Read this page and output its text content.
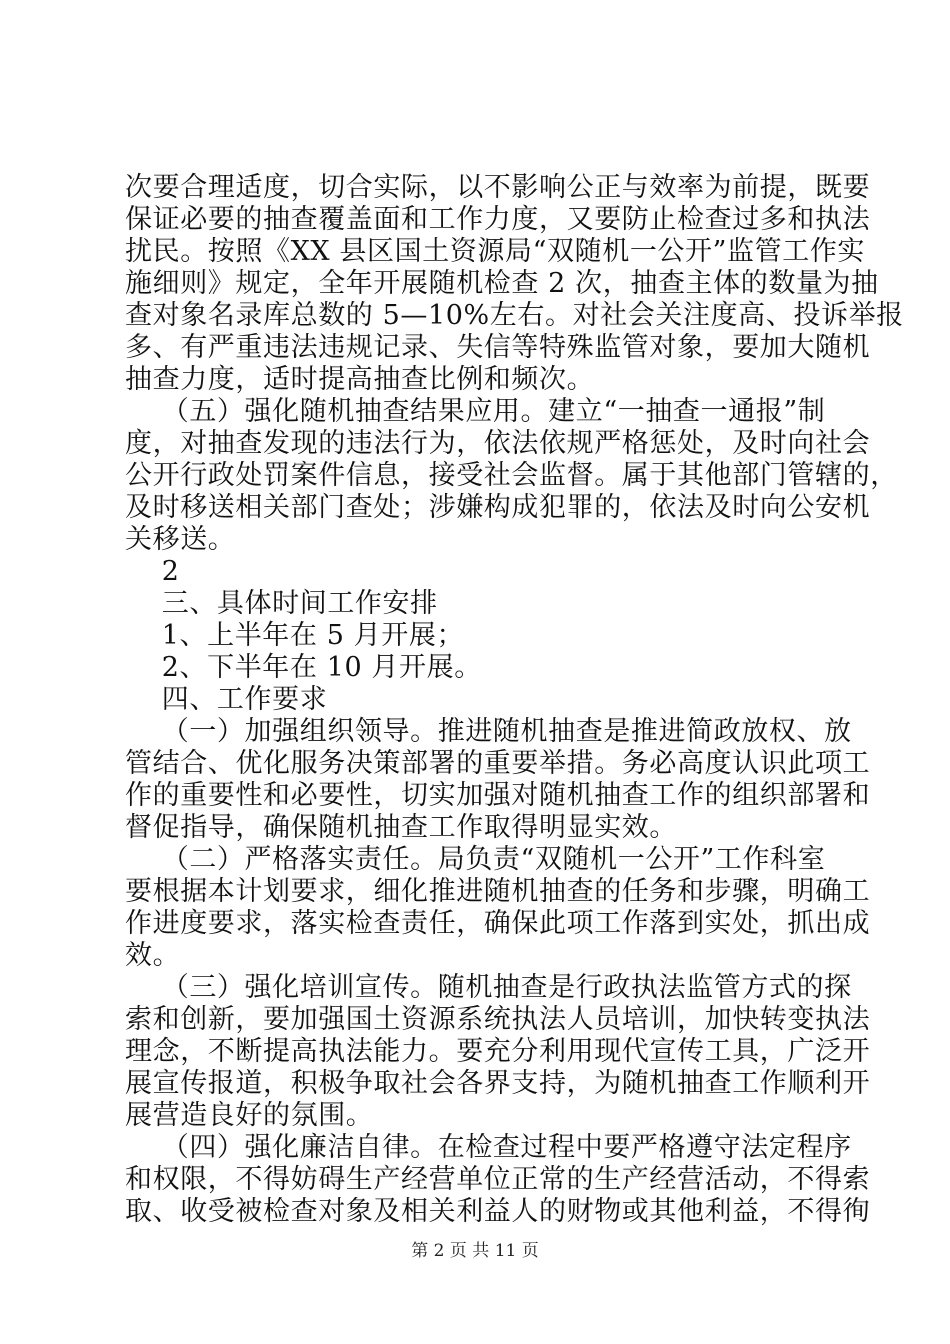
次要合理适度，切合实际，以不影响公正与效率为前提，既要
保证必要的抽查覆盖面和工作力度，又要防止检查过多和执法
扰民。按照《XX 县区国土资源局“双随机一公开”监管工作实
施细则》规定，全年开展随机检查 2 次，抽查主体的数量为抽
查对象名录库总数的 5—10%左右。对社会关注度高、投诉举报
多、有严重违法违规记录、失信等特殊监管对象，要加大随机
抽查力度，适时提高抽查比例和频次。
（五）强化随机抽查结果应用。建立“一抽查一通报”制
度，对抽查发现的违法行为，依法依规严格惩处，及时向社会
公开行政处罚案件信息，接受社会监督。属于其他部门管辖的，
及时移送相关部门查处；涉嫌构成犯罪的，依法及时向公安机
关移送。
2
三、具体时间工作安排
1、上半年在 5 月开展；
2、下半年在 10 月开展。
四、工作要求
（一）加强组织领导。推进随机抽查是推进简政放权、放
管结合、优化服务决策部署的重要举措。务必高度认识此项工
作的重要性和必要性，切实加强对随机抽查工作的组织部署和
督促指导，确保随机抽查工作取得明显实效。
（二）严格落实责任。局负责“双随机一公开”工作科室
要根据本计划要求，细化推进随机抽查的任务和步骤，明确工
作进度要求，落实检查责任，确保此项工作落到实处，抓出成
效。
（三）强化培训宣传。随机抽查是行政执法监管方式的探
索和创新，要加强国土资源系统执法人员培训，加快转变执法
理念，不断提高执法能力。要充分利用现代宣传工具，广泛开
展宣传报道，积极争取社会各界支持，为随机抽查工作顺利开
展营造良好的氛围。
（四）强化廉洁自律。在检查过程中要严格遵守法定程序
和权限，不得妨碍生产经营单位正常的生产经营活动，不得索
取、收受被检查对象及相关利益人的财物或其他利益，不得徇
第 2 页 共 11 页
